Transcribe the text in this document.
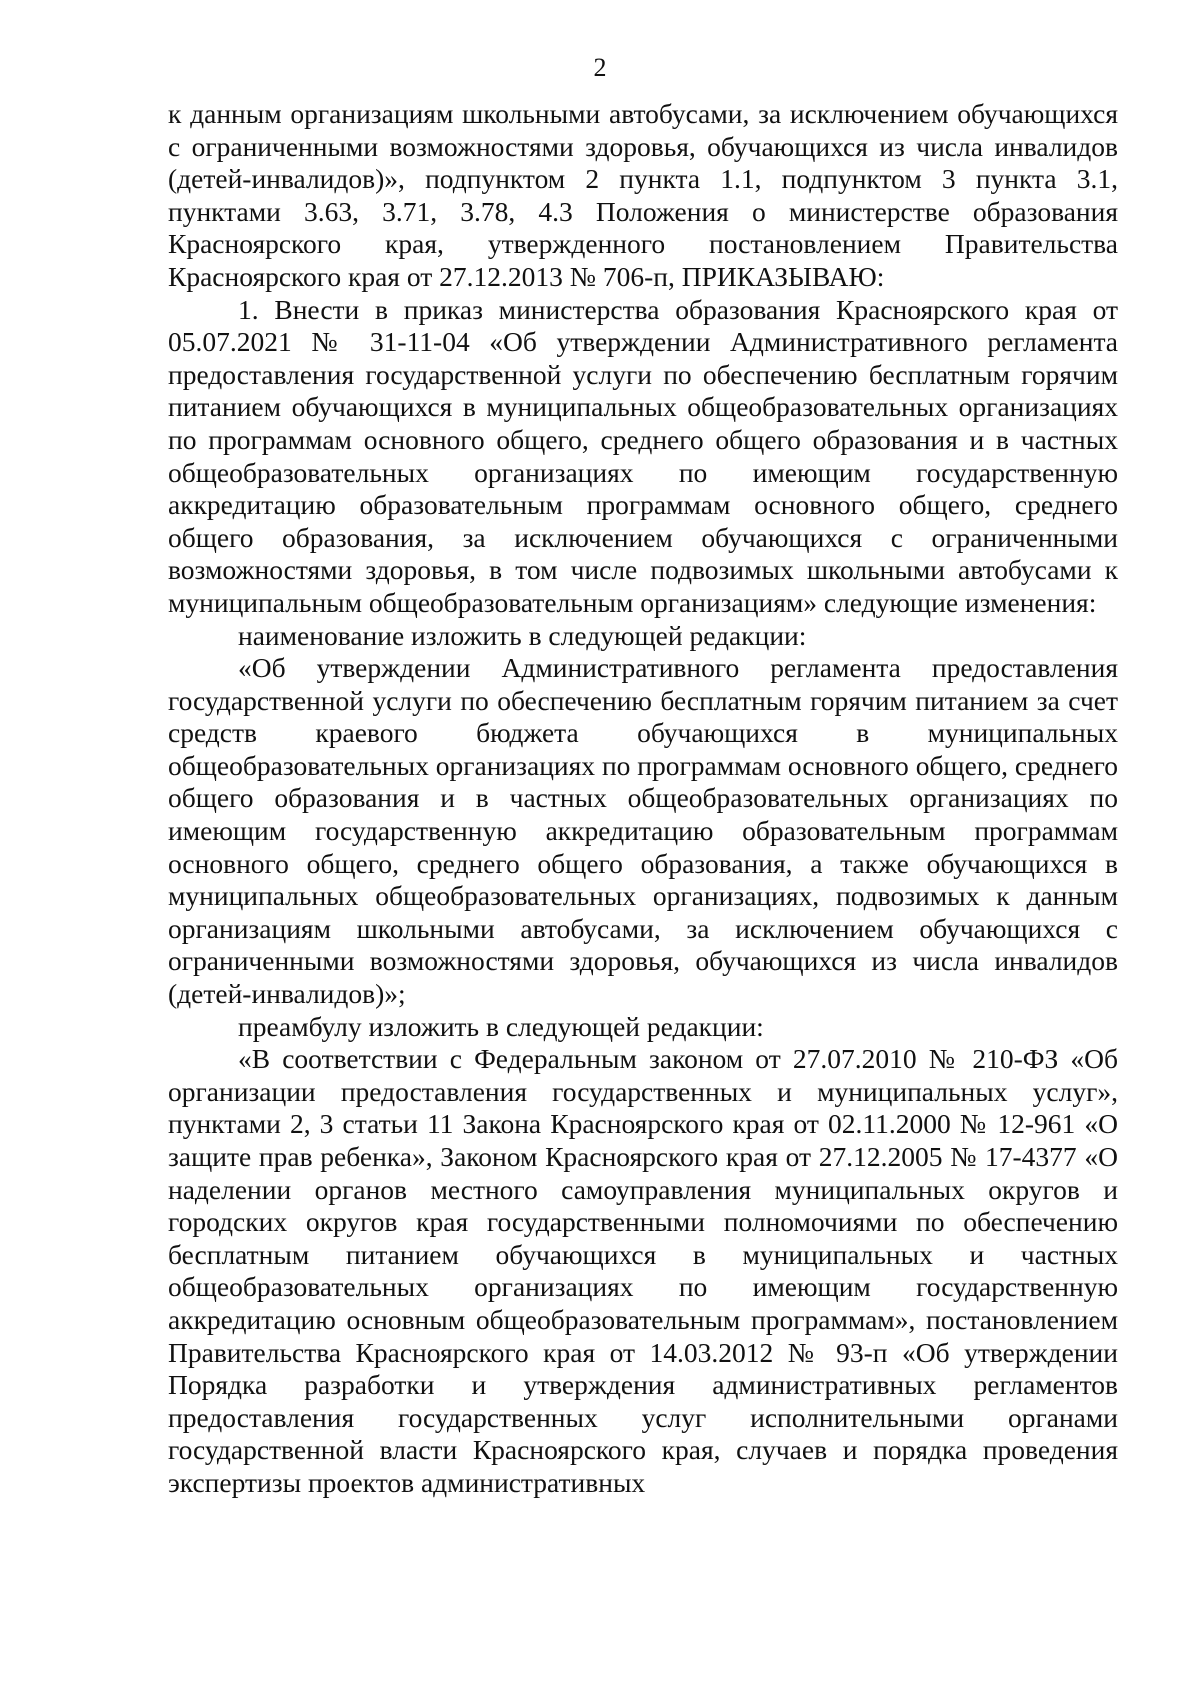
2

к данным организациям школьными автобусами, за исключением обучающихся с ограниченными возможностями здоровья, обучающихся из числа инвалидов (детей-инвалидов)», подпунктом 2 пункта 1.1, подпунктом 3 пункта 3.1, пунктами 3.63, 3.71, 3.78, 4.3 Положения о министерстве образования Красноярского края, утвержденного постановлением Правительства Красноярского края от 27.12.2013 № 706-п, ПРИКАЗЫВАЮ:

1. Внести в приказ министерства образования Красноярского края от 05.07.2021 № 31-11-04 «Об утверждении Административного регламента предоставления государственной услуги по обеспечению бесплатным горячим питанием обучающихся в муниципальных общеобразовательных организациях по программам основного общего, среднего общего образования и в частных общеобразовательных организациях по имеющим государственную аккредитацию образовательным программам основного общего, среднего общего образования, за исключением обучающихся с ограниченными возможностями здоровья, в том числе подвозимых школьными автобусами к муниципальным общеобразовательным организациям» следующие изменения:

наименование изложить в следующей редакции:

«Об утверждении Административного регламента предоставления государственной услуги по обеспечению бесплатным горячим питанием за счет средств краевого бюджета обучающихся в муниципальных общеобразовательных организациях по программам основного общего, среднего общего образования и в частных общеобразовательных организациях по имеющим государственную аккредитацию образовательным программам основного общего, среднего общего образования, а также обучающихся в муниципальных общеобразовательных организациях, подвозимых к данным организациям школьными автобусами, за исключением обучающихся с ограниченными возможностями здоровья, обучающихся из числа инвалидов (детей-инвалидов)»;

преамбулу изложить в следующей редакции:

«В соответствии с Федеральным законом от 27.07.2010 № 210-ФЗ «Об организации предоставления государственных и муниципальных услуг», пунктами 2, 3 статьи 11 Закона Красноярского края от 02.11.2000 № 12-961 «О защите прав ребенка», Законом Красноярского края от 27.12.2005 № 17-4377 «О наделении органов местного самоуправления муниципальных округов и городских округов края государственными полномочиями по обеспечению бесплатным питанием обучающихся в муниципальных и частных общеобразовательных организациях по имеющим государственную аккредитацию основным общеобразовательным программам», постановлением Правительства Красноярского края от 14.03.2012 № 93-п «Об утверждении Порядка разработки и утверждения административных регламентов предоставления государственных услуг исполнительными органами государственной власти Красноярского края, случаев и порядка проведения экспертизы проектов административных
